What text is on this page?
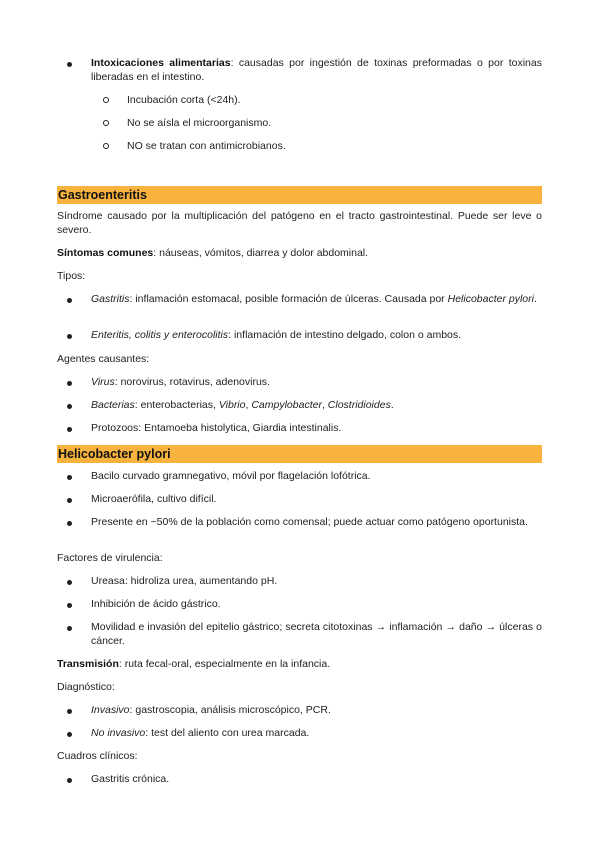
Intoxicaciones alimentarias: causadas por ingestión de toxinas preformadas o por toxinas liberadas en el intestino.
Incubación corta (<24h).
No se aísla el microorganismo.
NO se tratan con antimicrobianos.
Gastroenteritis
Síndrome causado por la multiplicación del patógeno en el tracto gastrointestinal. Puede ser leve o severo.
Síntomas comunes: náuseas, vómitos, diarrea y dolor abdominal.
Tipos:
Gastritis: inflamación estomacal, posible formación de úlceras. Causada por Helicobacter pylori.
Enteritis, colitis y enterocolitis: inflamación de intestino delgado, colon o ambos.
Agentes causantes:
Virus: norovirus, rotavirus, adenovirus.
Bacterias: enterobacterias, Vibrio, Campylobacter, Clostridioides.
Protozoos: Entamoeba histolytica, Giardia intestinalis.
Helicobacter pylori
Bacilo curvado gramnegativo, móvil por flagelación lofótrica.
Microaerófila, cultivo difícil.
Presente en ~50% de la población como comensal; puede actuar como patógeno oportunista.
Factores de virulencia:
Ureasa: hidroliza urea, aumentando pH.
Inhibición de ácido gástrico.
Movilidad e invasión del epitelio gástrico; secreta citotoxinas → inflamación → daño → úlceras o cáncer.
Transmisión: ruta fecal-oral, especialmente en la infancia.
Diagnóstico:
Invasivo: gastroscopia, análisis microscópico, PCR.
No invasivo: test del aliento con urea marcada.
Cuadros clínicos:
Gastritis crónica.
